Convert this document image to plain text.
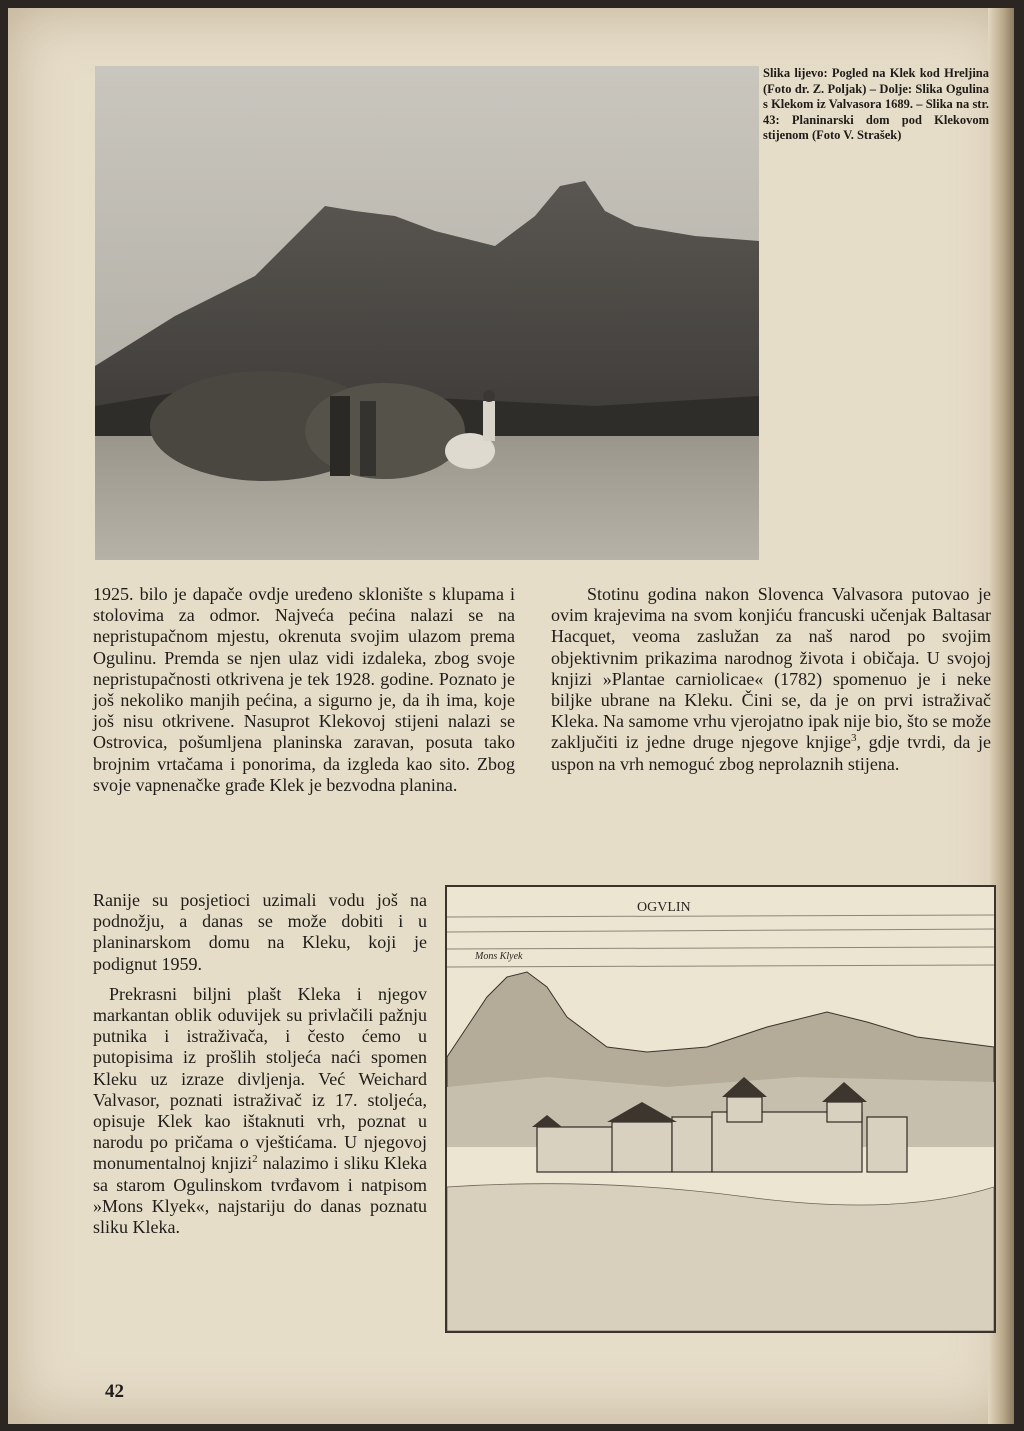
Slika lijevo: Pogled na Klek kod Hreljina (Foto dr. Z. Poljak) – Dolje: Slika Ogulina s Klekom iz Valvasora 1689. – Slika na str. 43: Planinarski dom pod Klekovom stijenom (Foto V. Strašek)

1925. bilo je dapače ovdje uređeno sklonište s klupama i stolovima za odmor. Najveća pećina nalazi se na nepristupačnom mjestu, okrenuta svojim ulazom prema Ogulinu. Premda se njen ulaz vidi izdaleka, zbog svoje nepristupačnosti otkrivena je tek 1928. godine. Poznato je još nekoliko manjih pećina, a sigurno je, da ih ima, koje još nisu otkrivene. Nasuprot Klekovoj stijeni nalazi se Ostrovica, pošumljena planinska zaravan, posuta tako brojnim vrtačama i ponorima, da izgleda kao sito. Zbog svoje vapnenačke građe Klek je bezvodna planina.

Ranije su posjetioci uzimali vodu još na podnožju, a danas se može dobiti i u planinarskom domu na Kleku, koji je podignut 1959.

Prekrasni biljni plašt Kleka i njegov markantan oblik oduvijek su privlačili pažnju putnika i istraživača, i često ćemo u putopisima iz prošlih stoljeća naći spomen Kleku uz izraze divljenja. Već Weichard Valvasor, poznati istraživač iz 17. stoljeća, opisuje Klek kao ištaknuti vrh, poznat u narodu po pričama o vještićama. U njegovoj monumentalnoj knjizi$^2$ nalazimo i sliku Kleka sa starom Ogulinskom tvrđavom i natpisom »Mons Klyek«, najstariju do danas poznatu sliku Kleka.

Stotinu godina nakon Slovenca Valvasora putovao je ovim krajevima na svom konjiću francuski učenjak Baltasar Hacquet, veoma zaslužan za naš narod po svojim objektivnim prikazima narodnog života i običaja. U svojoj knjizi »Plantae carniolicae« (1782) spomenuo je i neke biljke ubrane na Kleku. Čini se, da je on prvi istraživač Kleka. Na samome vrhu vjerojatno ipak nije bio, što se može zaključiti iz jedne druge njegove knjige$^3$, gdje tvrdi, da je uspon na vrh nemoguć zbog neprolaznih stijena.

OGVLIN
Mons Klyek
42
